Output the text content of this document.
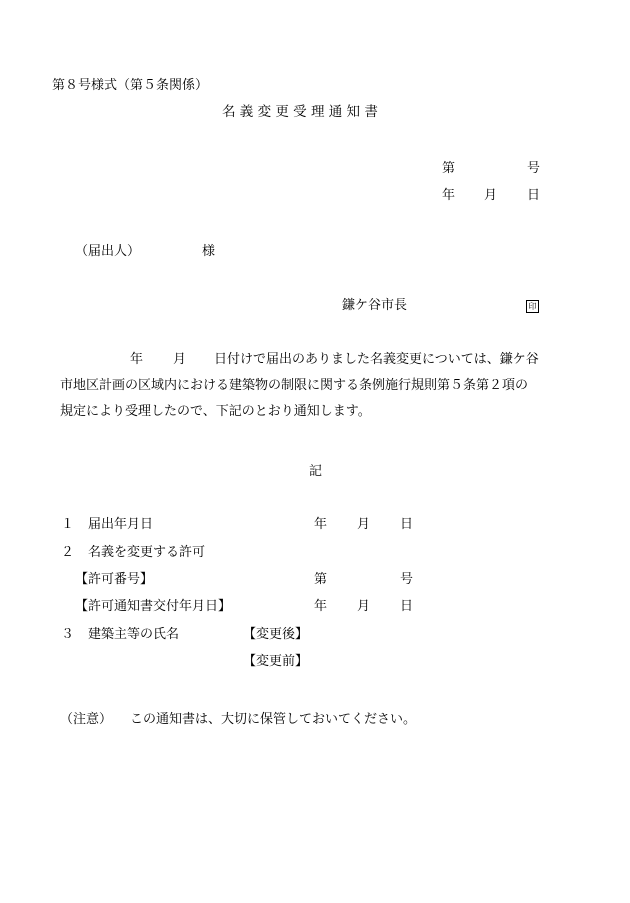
第８号様式（第５条関係）
名 義 変 更 受 理 通 知 書
第	号
年 月 日
（届出人）	様
鎌ケ谷市長	印
年 月 日付けで届出のありました名義変更については、鎌ケ谷
市地区計画の区域内における建築物の制限に関する条例施行規則第５条第２項の
規定により受理したので、下記のとおり通知します。
記
１ 届出年月日	年 月 日
２ 名義を変更する許可
【許可番号】	第	号
【許可通知書交付年月日】	年 月 日
３ 建築主等の氏名	【変更後】
【変更前】
（注意） この通知書は、大切に保管しておいてください。
